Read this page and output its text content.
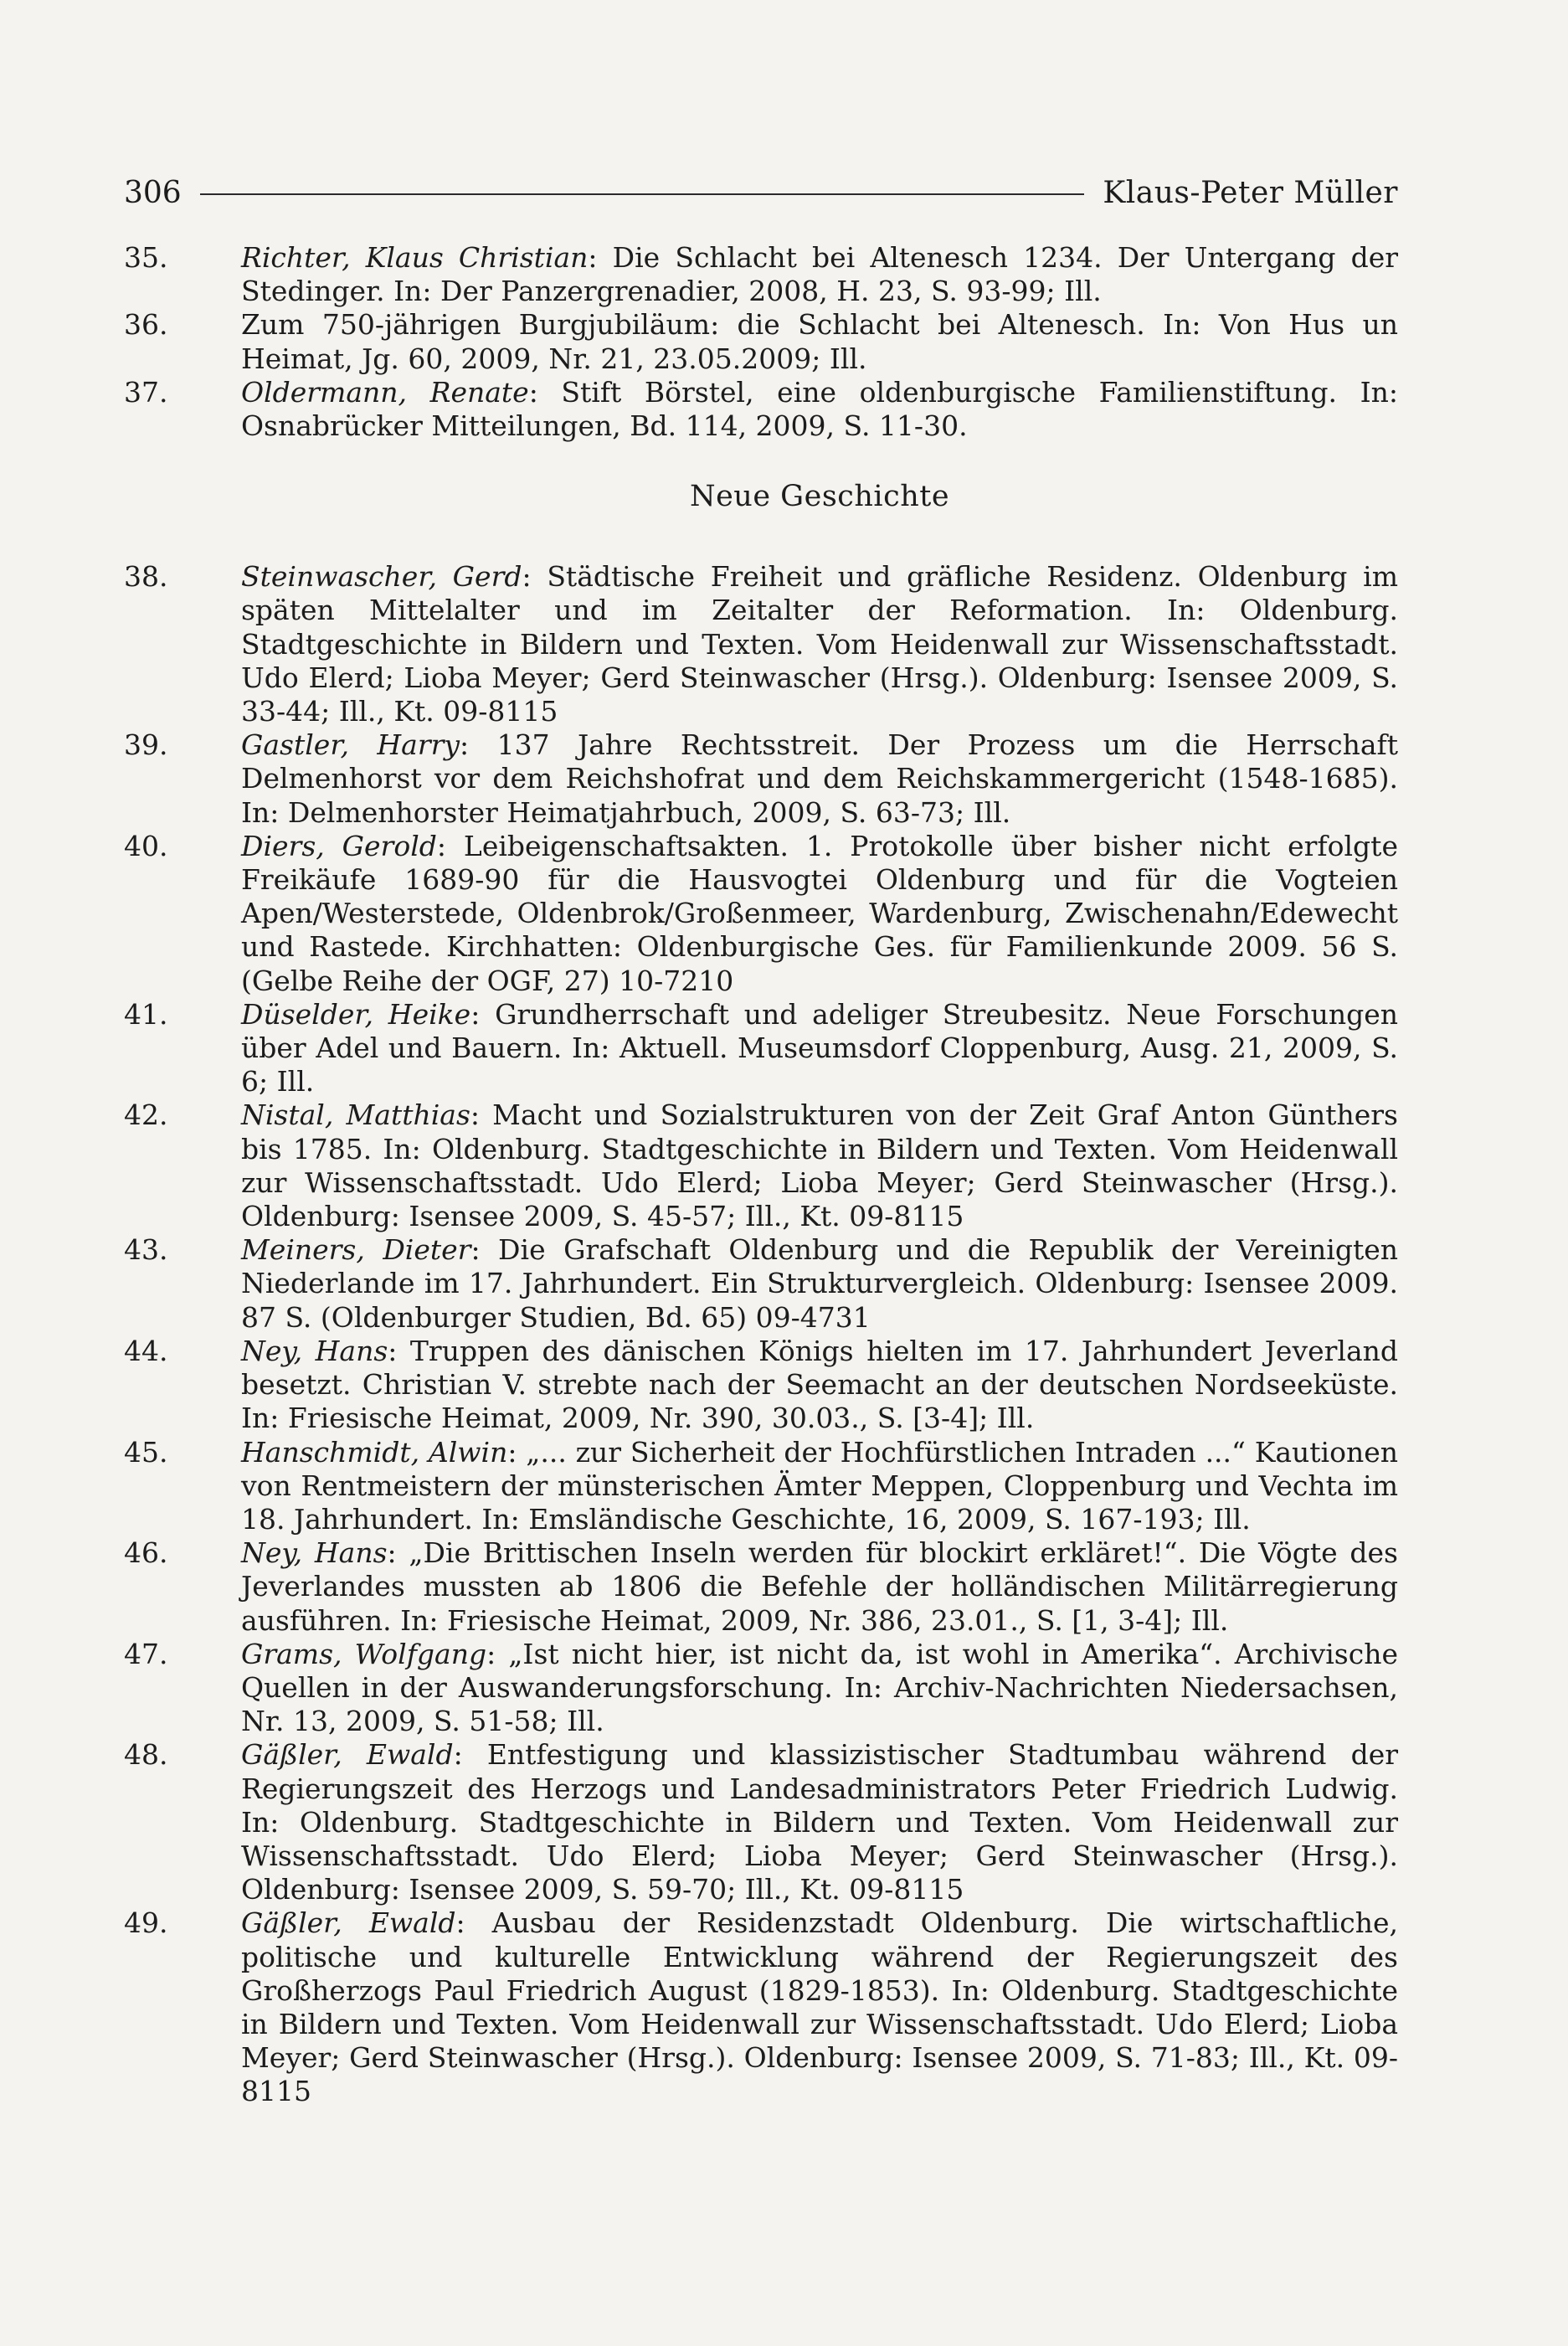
306	Klaus-Peter Müller
35.	Richter, Klaus Christian: Die Schlacht bei Altenesch 1234. Der Untergang der Stedinger. In: Der Panzergrenadier, 2008, H. 23, S. 93-99; Ill.
36.	Zum 750-jährigen Burgjubiläum: die Schlacht bei Altenesch. In: Von Hus un Heimat, Jg. 60, 2009, Nr. 21, 23.05.2009; Ill.
37.	Oldermann, Renate: Stift Börstel, eine oldenburgische Familienstiftung. In: Osnabrücker Mitteilungen, Bd. 114, 2009, S. 11-30.
Neue Geschichte
38.	Steinwascher, Gerd: Städtische Freiheit und gräfliche Residenz. Oldenburg im späten Mittelalter und im Zeitalter der Reformation. In: Oldenburg. Stadtgeschichte in Bildern und Texten. Vom Heidenwall zur Wissenschaftsstadt. Udo Elerd; Lioba Meyer; Gerd Steinwascher (Hrsg.). Oldenburg: Isensee 2009, S. 33-44; Ill., Kt. 09-8115
39.	Gastler, Harry: 137 Jahre Rechtsstreit. Der Prozess um die Herrschaft Delmenhorst vor dem Reichshofrat und dem Reichskammergericht (1548-1685). In: Delmenhorster Heimatjahrbuch, 2009, S. 63-73; Ill.
40.	Diers, Gerold: Leibeigenschaftsakten. 1. Protokolle über bisher nicht erfolgte Freikäufe 1689-90 für die Hausvogtei Oldenburg und für die Vogteien Apen/Westerstede, Oldenbrok/Großenmeer, Wardenburg, Zwischenahn/Edewecht und Rastede. Kirchhatten: Oldenburgische Ges. für Familienkunde 2009. 56 S. (Gelbe Reihe der OGF, 27) 10-7210
41.	Düselder, Heike: Grundherrschaft und adeliger Streubesitz. Neue Forschungen über Adel und Bauern. In: Aktuell. Museumsdorf Cloppenburg, Ausg. 21, 2009, S. 6; Ill.
42.	Nistal, Matthias: Macht und Sozialstrukturen von der Zeit Graf Anton Günthers bis 1785. In: Oldenburg. Stadtgeschichte in Bildern und Texten. Vom Heidenwall zur Wissenschaftsstadt. Udo Elerd; Lioba Meyer; Gerd Steinwascher (Hrsg.). Oldenburg: Isensee 2009, S. 45-57; Ill., Kt. 09-8115
43.	Meiners, Dieter: Die Grafschaft Oldenburg und die Republik der Vereinigten Niederlande im 17. Jahrhundert. Ein Strukturvergleich. Oldenburg: Isensee 2009. 87 S. (Oldenburger Studien, Bd. 65) 09-4731
44.	Ney, Hans: Truppen des dänischen Königs hielten im 17. Jahrhundert Jeverland besetzt. Christian V. strebte nach der Seemacht an der deutschen Nordseeküste. In: Friesische Heimat, 2009, Nr. 390, 30.03., S. [3-4]; Ill.
45.	Hanschmidt, Alwin: „... zur Sicherheit der Hochfürstlichen Intraden ...“ Kautionen von Rentmeistern der münsterischen Ämter Meppen, Cloppenburg und Vechta im 18. Jahrhundert. In: Emsländische Geschichte, 16, 2009, S. 167-193; Ill.
46.	Ney, Hans: „Die Brittischen Inseln werden für blockirt erkläret!“. Die Vögte des Jeverlandes mussten ab 1806 die Befehle der holländischen Militärregierung ausführen. In: Friesische Heimat, 2009, Nr. 386, 23.01., S. [1, 3-4]; Ill.
47.	Grams, Wolfgang: „Ist nicht hier, ist nicht da, ist wohl in Amerika“. Archivische Quellen in der Auswanderungsforschung. In: Archiv-Nachrichten Niedersachsen, Nr. 13, 2009, S. 51-58; Ill.
48.	Gäßler, Ewald: Entfestigung und klassizistischer Stadtumbau während der Regierungszeit des Herzogs und Landesadministrators Peter Friedrich Ludwig. In: Oldenburg. Stadtgeschichte in Bildern und Texten. Vom Heidenwall zur Wissenschaftsstadt. Udo Elerd; Lioba Meyer; Gerd Steinwascher (Hrsg.). Oldenburg: Isensee 2009, S. 59-70; Ill., Kt. 09-8115
49.	Gäßler, Ewald: Ausbau der Residenzstadt Oldenburg. Die wirtschaftliche, politische und kulturelle Entwicklung während der Regierungszeit des Großherzogs Paul Friedrich August (1829-1853). In: Oldenburg. Stadtgeschichte in Bildern und Texten. Vom Heidenwall zur Wissenschaftsstadt. Udo Elerd; Lioba Meyer; Gerd Steinwascher (Hrsg.). Oldenburg: Isensee 2009, S. 71-83; Ill., Kt. 09-8115
